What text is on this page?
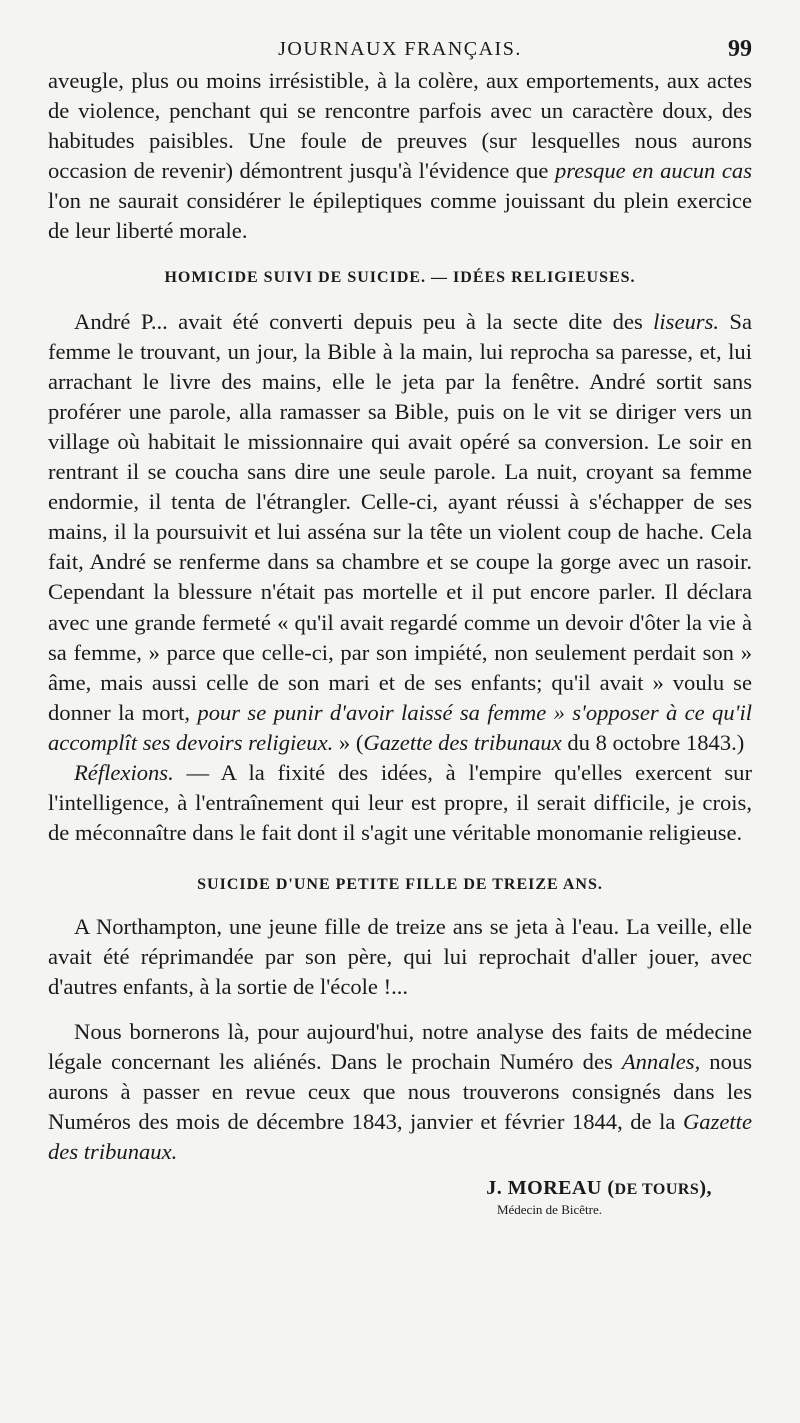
JOURNAUX FRANÇAIS.	99

aveugle, plus ou moins irrésistible, à la colère, aux emportements, aux actes de violence, penchant qui se rencontre parfois avec un caractère doux, des habitudes paisibles. Une foule de preuves (sur lesquelles nous aurons occasion de revenir) démontrent jusqu'à l'évidence que presque en aucun cas l'on ne saurait considérer le épileptiques comme jouissant du plein exercice de leur liberté morale.

HOMICIDE SUIVI DE SUICIDE. — IDÉES RELIGIEUSES.

André P... avait été converti depuis peu à la secte dite des liseurs. Sa femme le trouvant, un jour, la Bible à la main, lui reprocha sa paresse, et, lui arrachant le livre des mains, elle le jeta par la fenêtre. André sortit sans proférer une parole, alla ramasser sa Bible, puis on le vit se diriger vers un village où habitait le missionnaire qui avait opéré sa conversion. Le soir en rentrant il se coucha sans dire une seule parole. La nuit, croyant sa femme endormie, il tenta de l'étrangler. Celle-ci, ayant réussi à s'échapper de ses mains, il la poursuivit et lui asséna sur la tête un violent coup de hache. Cela fait, André se renferme dans sa chambre et se coupe la gorge avec un rasoir. Cependant la blessure n'était pas mortelle et il put encore parler. Il déclara avec une grande fermeté « qu'il avait regardé comme un devoir d'ôter la vie à sa femme, » parce que celle-ci, par son impiété, non seulement perdait son » âme, mais aussi celle de son mari et de ses enfants; qu'il avait » voulu se donner la mort, pour se punir d'avoir laissé sa femme » s'opposer à ce qu'il accomplît ses devoirs religieux. » (Gazette des tribunaux du 8 octobre 1843.)

Réflexions. — A la fixité des idées, à l'empire qu'elles exercent sur l'intelligence, à l'entraînement qui leur est propre, il serait difficile, je crois, de méconnaître dans le fait dont il s'agit une véritable monomanie religieuse.

SUICIDE D'UNE PETITE FILLE DE TREIZE ANS.

A Northampton, une jeune fille de treize ans se jeta à l'eau. La veille, elle avait été réprimandée par son père, qui lui reprochait d'aller jouer, avec d'autres enfants, à la sortie de l'école !...

Nous bornerons là, pour aujourd'hui, notre analyse des faits de médecine légale concernant les aliénés. Dans le prochain Numéro des Annales, nous aurons à passer en revue ceux que nous trouverons consignés dans les Numéros des mois de décembre 1843, janvier et février 1844, de la Gazette des tribunaux.

J. MOREAU (DE TOURS),
Médecin de Bicêtre.
